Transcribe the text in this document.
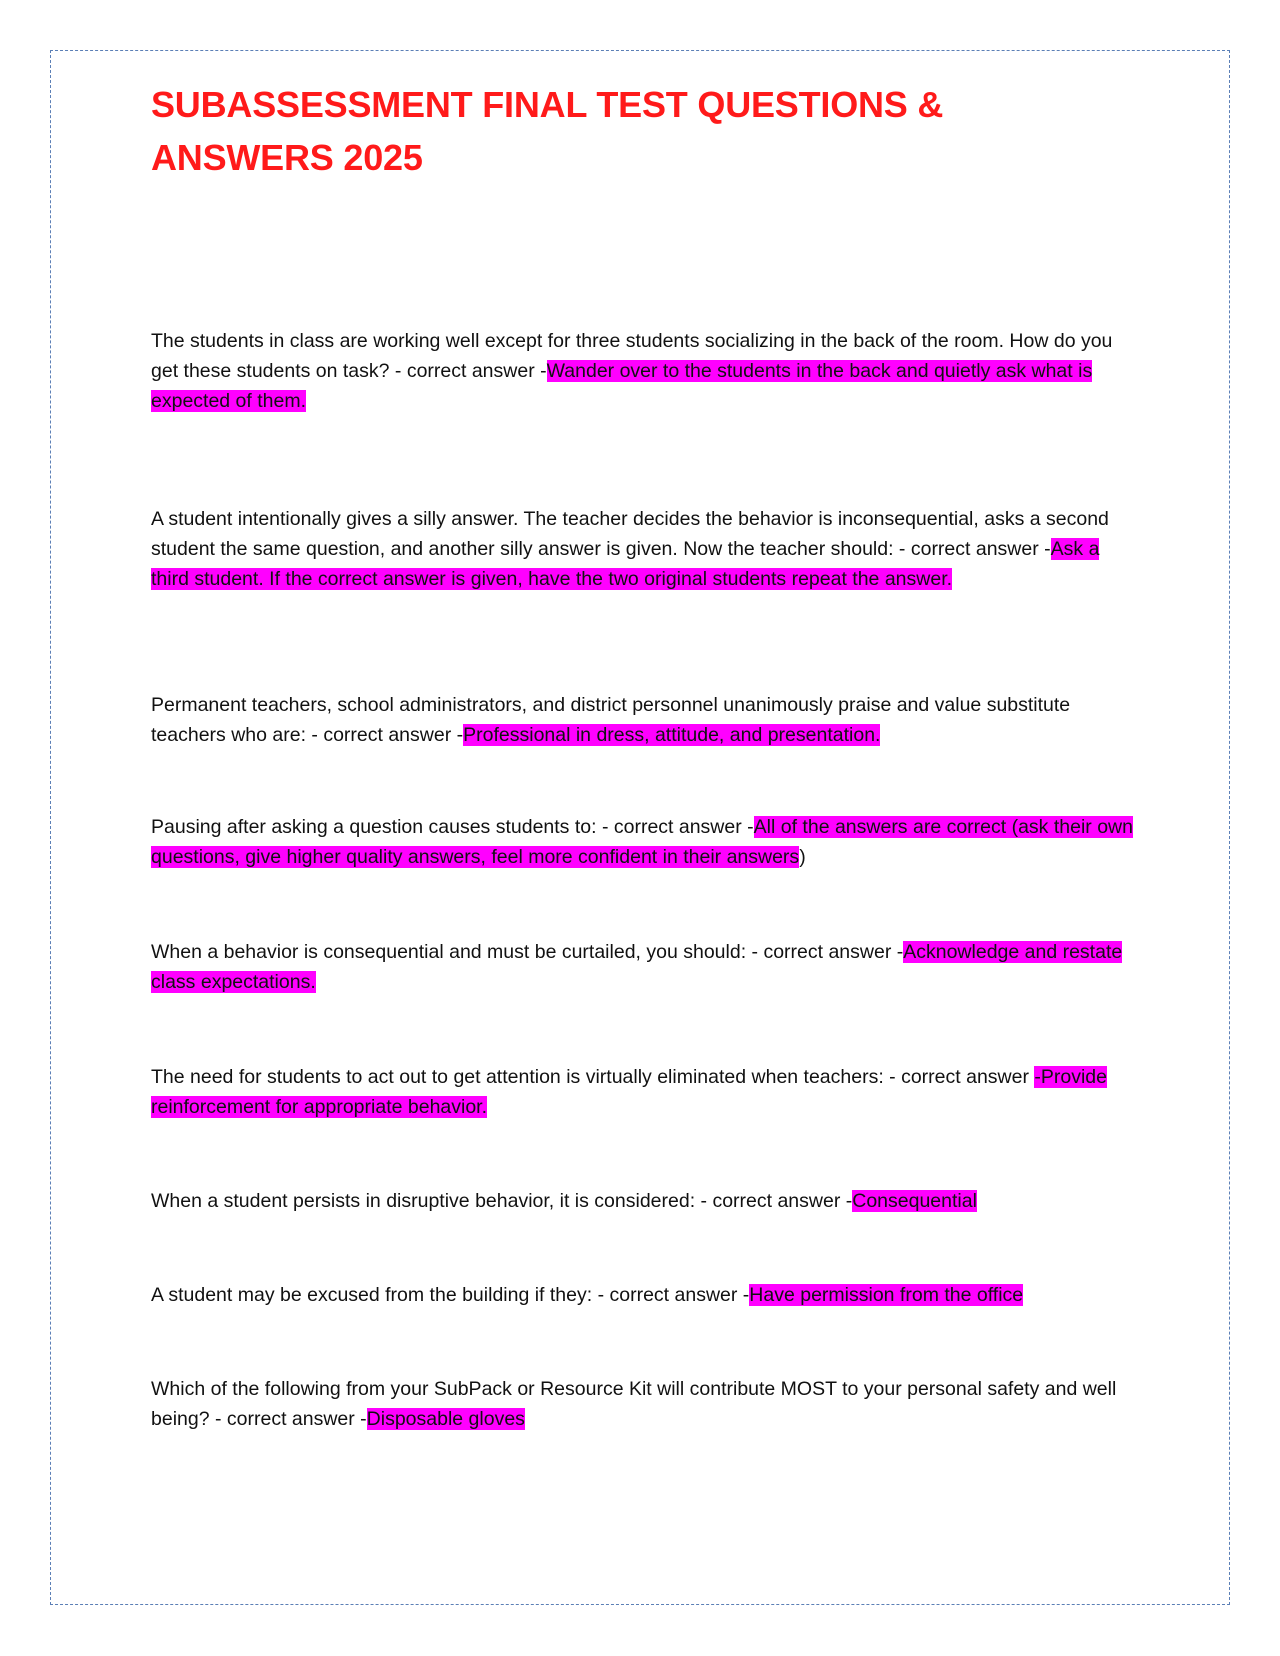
SUBASSESSMENT FINAL TEST QUESTIONS & ANSWERS 2025

The students in class are working well except for three students socializing in the back of the room. How do you get these students on task? - correct answer -Wander over to the students in the back and quietly ask what is expected of them.

A student intentionally gives a silly answer. The teacher decides the behavior is inconsequential, asks a second student the same question, and another silly answer is given. Now the teacher should: - correct answer -Ask a third student. If the correct answer is given, have the two original students repeat the answer.

Permanent teachers, school administrators, and district personnel unanimously praise and value substitute teachers who are: - correct answer -Professional in dress, attitude, and presentation.

Pausing after asking a question causes students to: - correct answer -All of the answers are correct (ask their own questions, give higher quality answers, feel more confident in their answers)

When a behavior is consequential and must be curtailed, you should: - correct answer -Acknowledge and restate class expectations.

The need for students to act out to get attention is virtually eliminated when teachers: - correct answer -Provide reinforcement for appropriate behavior.

When a student persists in disruptive behavior, it is considered: - correct answer -Consequential

A student may be excused from the building if they: - correct answer -Have permission from the office

Which of the following from your SubPack or Resource Kit will contribute MOST to your personal safety and well being? - correct answer -Disposable gloves
